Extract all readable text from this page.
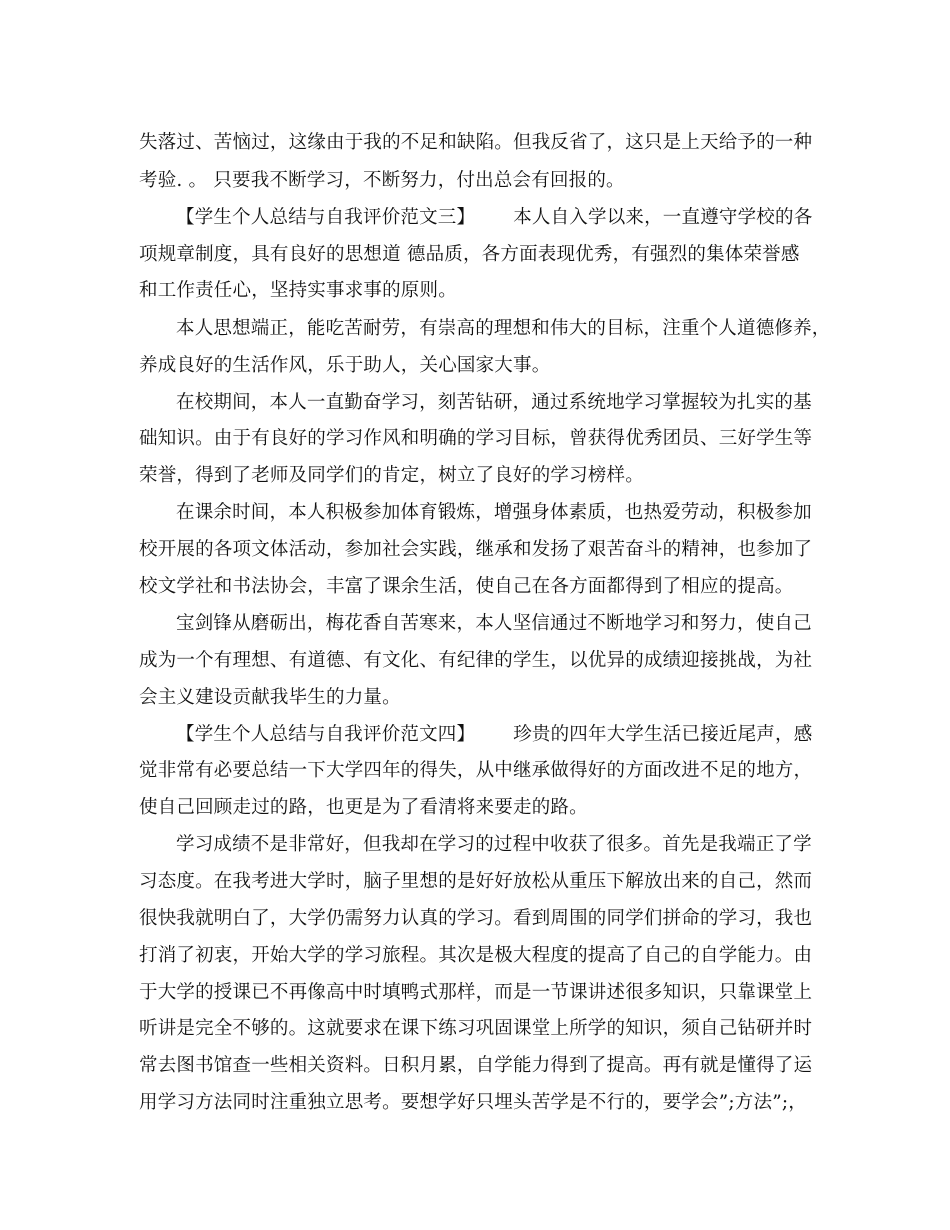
失落过、苦恼过，这缘由于我的不足和缺陷。但我反省了，这只是上天给予的一种
考验. 。 只要我不断学习，不断努力，付出总会有回报的。
【学生个人总结与自我评价范文三】 本人自入学以来，一直遵守学校的各
项规章制度，具有良好的思想道 德品质，各方面表现优秀，有强烈的集体荣誉感
和工作责任心，坚持实事求事的原则。
本人思想端正，能吃苦耐劳，有崇高的理想和伟大的目标，注重个人道德修养，
养成良好的生活作风，乐于助人，关心国家大事。
在校期间，本人一直勤奋学习，刻苦钻研，通过系统地学习掌握较为扎实的基
础知识。由于有良好的学习作风和明确的学习目标，曾获得优秀团员、三好学生等
荣誉，得到了老师及同学们的肯定，树立了良好的学习榜样。
在课余时间，本人积极参加体育锻炼，增强身体素质，也热爱劳动，积极参加
校开展的各项文体活动，参加社会实践，继承和发扬了艰苦奋斗的精神，也参加了
校文学社和书法协会，丰富了课余生活，使自己在各方面都得到了相应的提高。
宝剑锋从磨砺出，梅花香自苦寒来，本人坚信通过不断地学习和努力，使自己
成为一个有理想、有道德、有文化、有纪律的学生，以优异的成绩迎接挑战，为社
会主义建设贡献我毕生的力量。
【学生个人总结与自我评价范文四】 珍贵的四年大学生活已接近尾声，感
觉非常有必要总结一下大学四年的得失，从中继承做得好的方面改进不足的地方，
使自己回顾走过的路，也更是为了看清将来要走的路。
学习成绩不是非常好，但我却在学习的过程中收获了很多。首先是我端正了学
习态度。在我考进大学时，脑子里想的是好好放松从重压下解放出来的自己，然而
很快我就明白了，大学仍需努力认真的学习。看到周围的同学们拼命的学习，我也
打消了初衷，开始大学的学习旅程。其次是极大程度的提高了自己的自学能力。由
于大学的授课已不再像高中时填鸭式那样，而是一节课讲述很多知识，只靠课堂上
听讲是完全不够的。这就要求在课下练习巩固课堂上所学的知识，须自己钻研并时
常去图书馆查一些相关资料。日积月累，自学能力得到了提高。再有就是懂得了运
用学习方法同时注重独立思考。要想学好只埋头苦学是不行的，要学会”;方法”;，
